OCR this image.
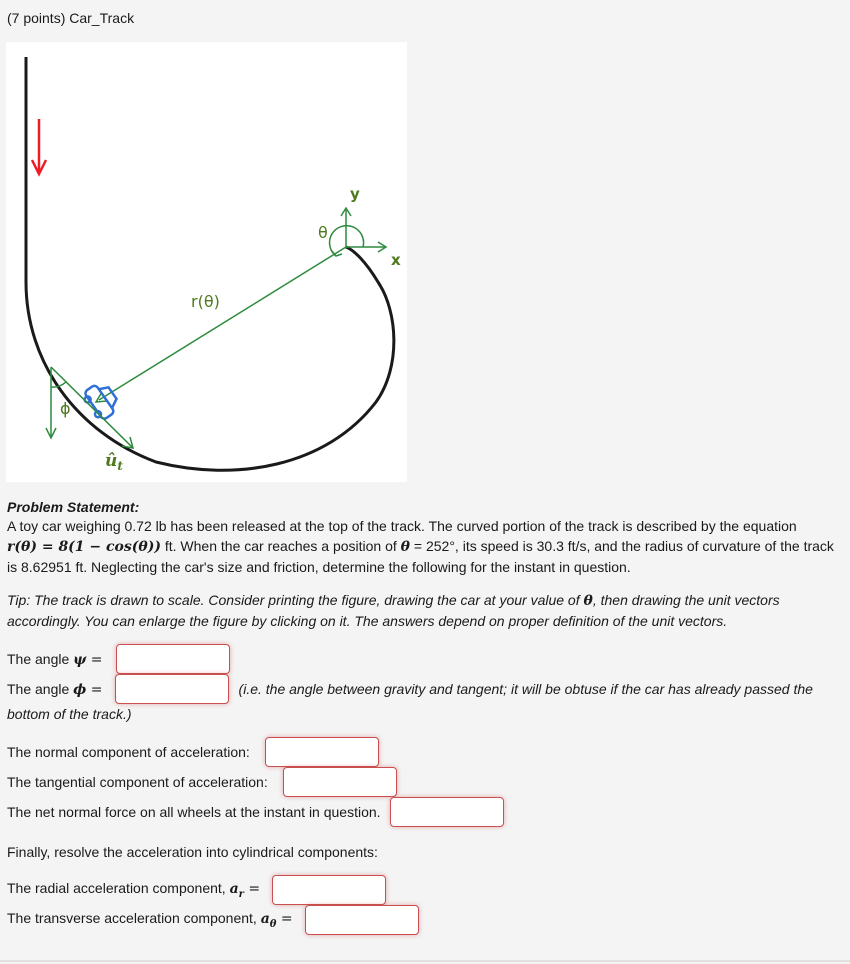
(7 points) Car_Track
y
x
θ
r(θ)
ϕ
$û_t$
Problem Statement:
A toy car weighing 0.72 lb has been released at the top of the track. The curved portion of the track is described by the equation
r(θ) = 8(1 − cos(θ)) ft. When the car reaches a position of θ = 252°, its speed is 30.3 ft/s, and the radius of curvature of the track
is 8.62951 ft. Neglecting the car's size and friction, determine the following for the instant in question.
Tip: The track is drawn to scale. Consider printing the figure, drawing the car at your value of θ, then drawing the unit vectors
accordingly. You can enlarge the figure by clicking on it. The answers depend on proper definition of the unit vectors.
The angle ψ =
The angle ϕ =	(i.e. the angle between gravity and tangent; it will be obtuse if the car has already passed the
bottom of the track.)
The normal component of acceleration:
The tangential component of acceleration:
The net normal force on all wheels at the instant in question.
Finally, resolve the acceleration into cylindrical components:
The radial acceleration component, $a_r$ =
The transverse acceleration component, $a_\theta$ =
